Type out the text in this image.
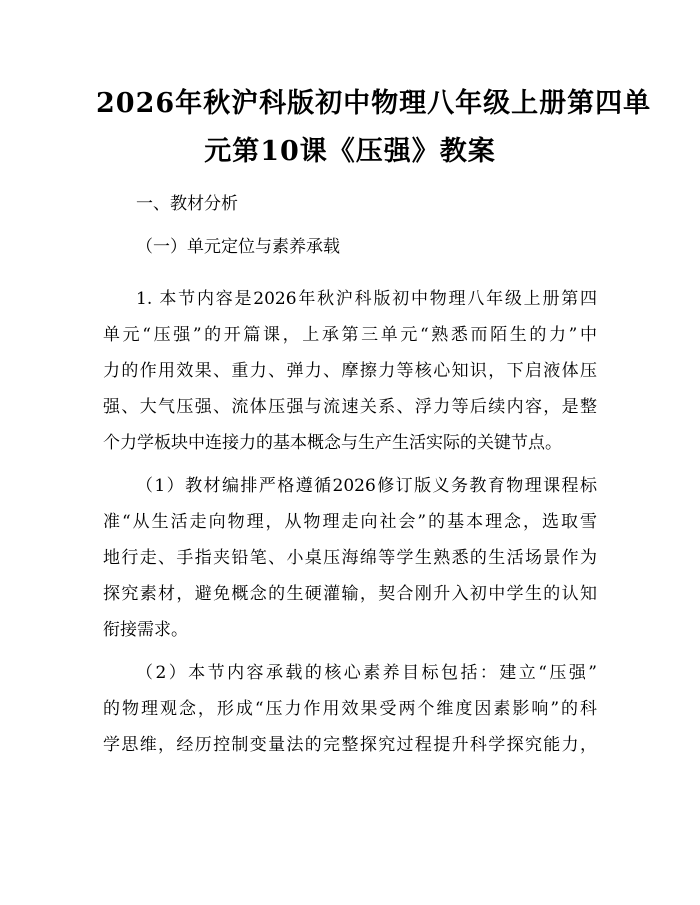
2026年秋沪科版初中物理八年级上册第四单
元第10课《压强》教案

一、教材分析

（一）单元定位与素养承载

1. 本节内容是2026年秋沪科版初中物理八年级上册第四

单元“压强”的开篇课，上承第三单元“熟悉而陌生的力”中

力的作用效果、重力、弹力、摩擦力等核心知识，下启液体压

强、大气压强、流体压强与流速关系、浮力等后续内容，是整

个力学板块中连接力的基本概念与生产生活实际的关键节点。

（1）教材编排严格遵循2026修订版义务教育物理课程标

准“从生活走向物理，从物理走向社会”的基本理念，选取雪

地行走、手指夹铅笔、小桌压海绵等学生熟悉的生活场景作为

探究素材，避免概念的生硬灌输，契合刚升入初中学生的认知

衔接需求。

（2）本节内容承载的核心素养目标包括：建立“压强”

的物理观念，形成“压力作用效果受两个维度因素影响”的科

学思维，经历控制变量法的完整探究过程提升科学探究能力，
